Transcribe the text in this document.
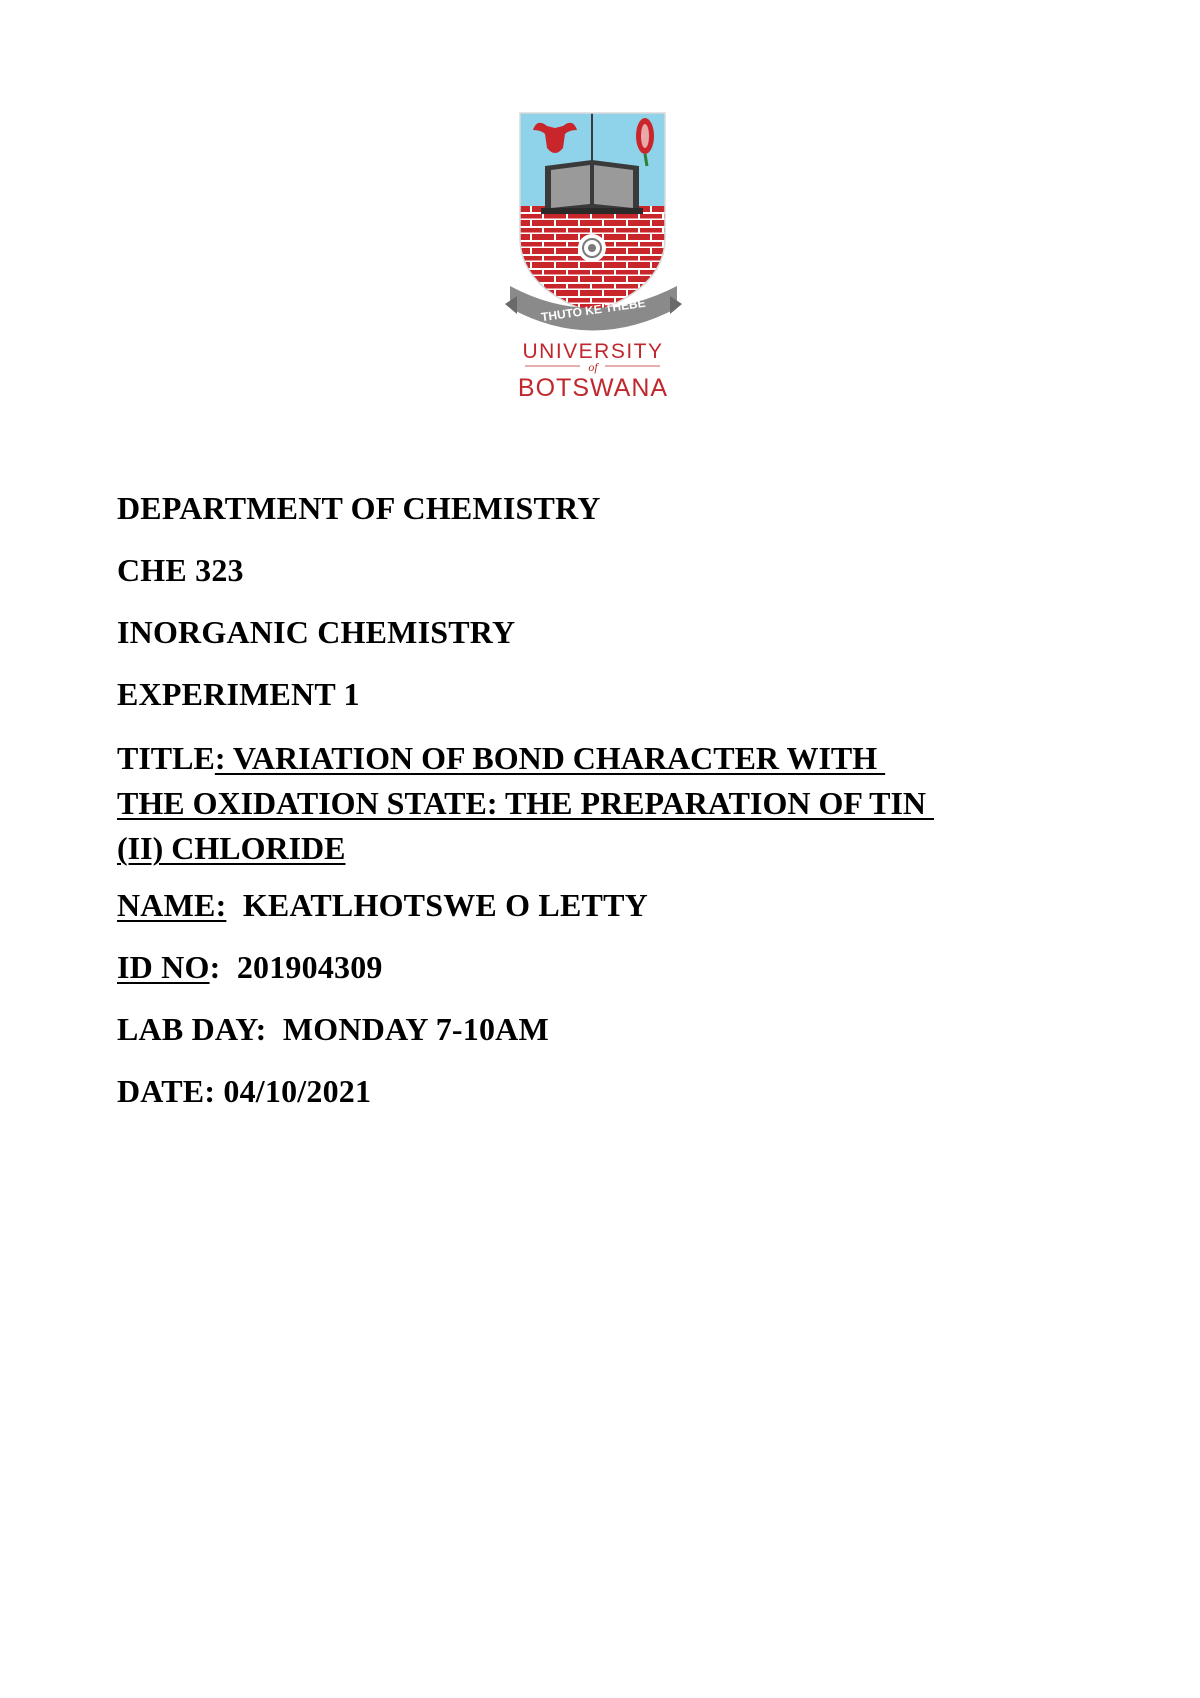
THUTO KE THEBE
UNIVERSITY
of
BOTSWANA
DEPARTMENT OF CHEMISTRY
CHE 323
INORGANIC CHEMISTRY
EXPERIMENT 1
TITLE: VARIATION OF BOND CHARACTER WITH
THE OXIDATION STATE: THE PREPARATION OF TIN
(II) CHLORIDE
NAME:  KEATLHOTSWE O LETTY
ID NO:  201904309
LAB DAY:  MONDAY 7-10AM
DATE: 04/10/2021
